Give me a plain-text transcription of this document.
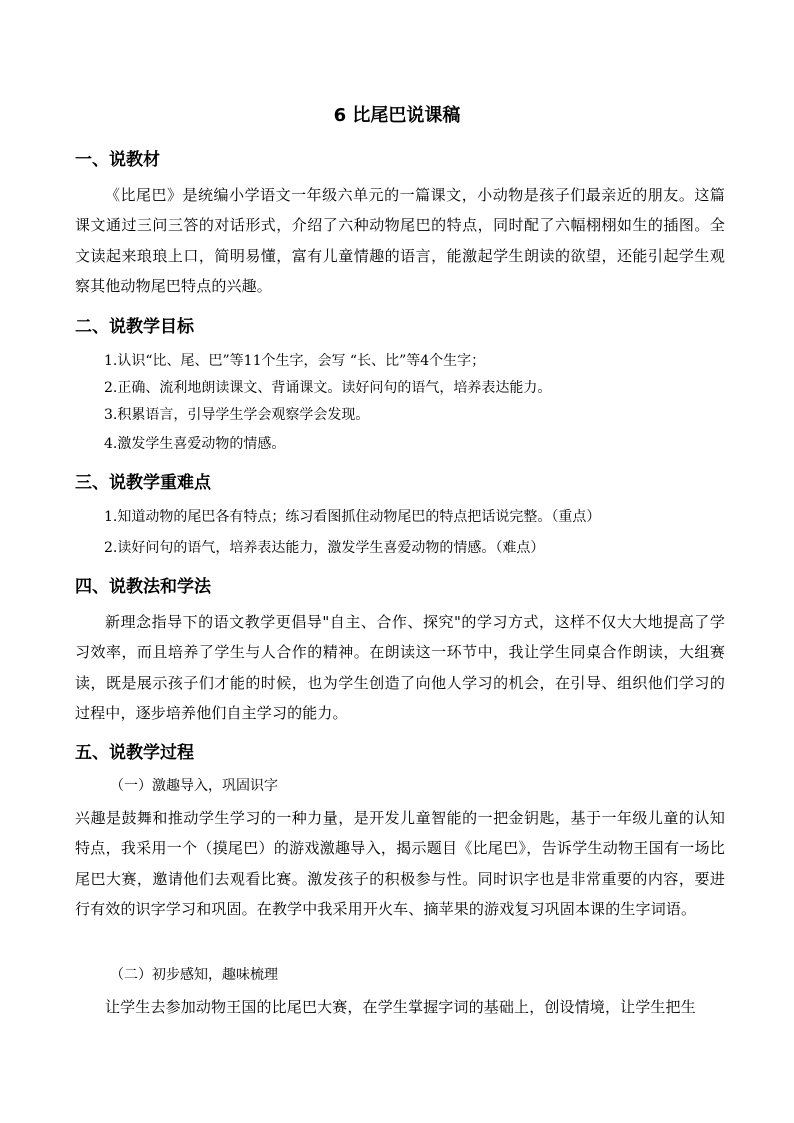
6 比尾巴说课稿
一、说教材
《比尾巴》是统编小学语文一年级六单元的一篇课文，小动物是孩子们最亲近的朋友。这篇课文通过三问三答的对话形式，介绍了六种动物尾巴的特点，同时配了六幅栩栩如生的插图。全文读起来琅琅上口，简明易懂，富有儿童情趣的语言，能激起学生朗读的欲望，还能引起学生观察其他动物尾巴特点的兴趣。
二、说教学目标
1.认识“比、尾、巴”等11个生字，会写 “长、比”等4个生字；
2.正确、流利地朗读课文、背诵课文。读好问句的语气，培养表达能力。
3.积累语言，引导学生学会观察学会发现。
4.激发学生喜爱动物的情感。
三、说教学重难点
1.知道动物的尾巴各有特点；练习看图抓住动物尾巴的特点把话说完整。（重点）
2.读好问句的语气，培养表达能力，激发学生喜爱动物的情感。（难点）
四、说教法和学法
新理念指导下的语文教学更倡导"自主、合作、探究"的学习方式，这样不仅大大地提高了学习效率，而且培养了学生与人合作的精神。在朗读这一环节中，我让学生同桌合作朗读，大组赛读，既是展示孩子们才能的时候，也为学生创造了向他人学习的机会，在引导、组织他们学习的过程中，逐步培养他们自主学习的能力。
五、说教学过程
（一）激趣导入，巩固识字
兴趣是鼓舞和推动学生学习的一种力量，是开发儿童智能的一把金钥匙，基于一年级儿童的认知特点，我采用一个（摸尾巴）的游戏激趣导入，揭示题目《比尾巴》，告诉学生动物王国有一场比尾巴大赛，邀请他们去观看比赛。激发孩子的积极参与性。同时识字也是非常重要的内容，要进行有效的识字学习和巩固。在教学中我采用开火车、摘苹果的游戏复习巩固本课的生字词语。
（二）初步感知，趣味梳理
让学生去参加动物王国的比尾巴大赛，在学生掌握字词的基础上，创设情境，让学生把生
